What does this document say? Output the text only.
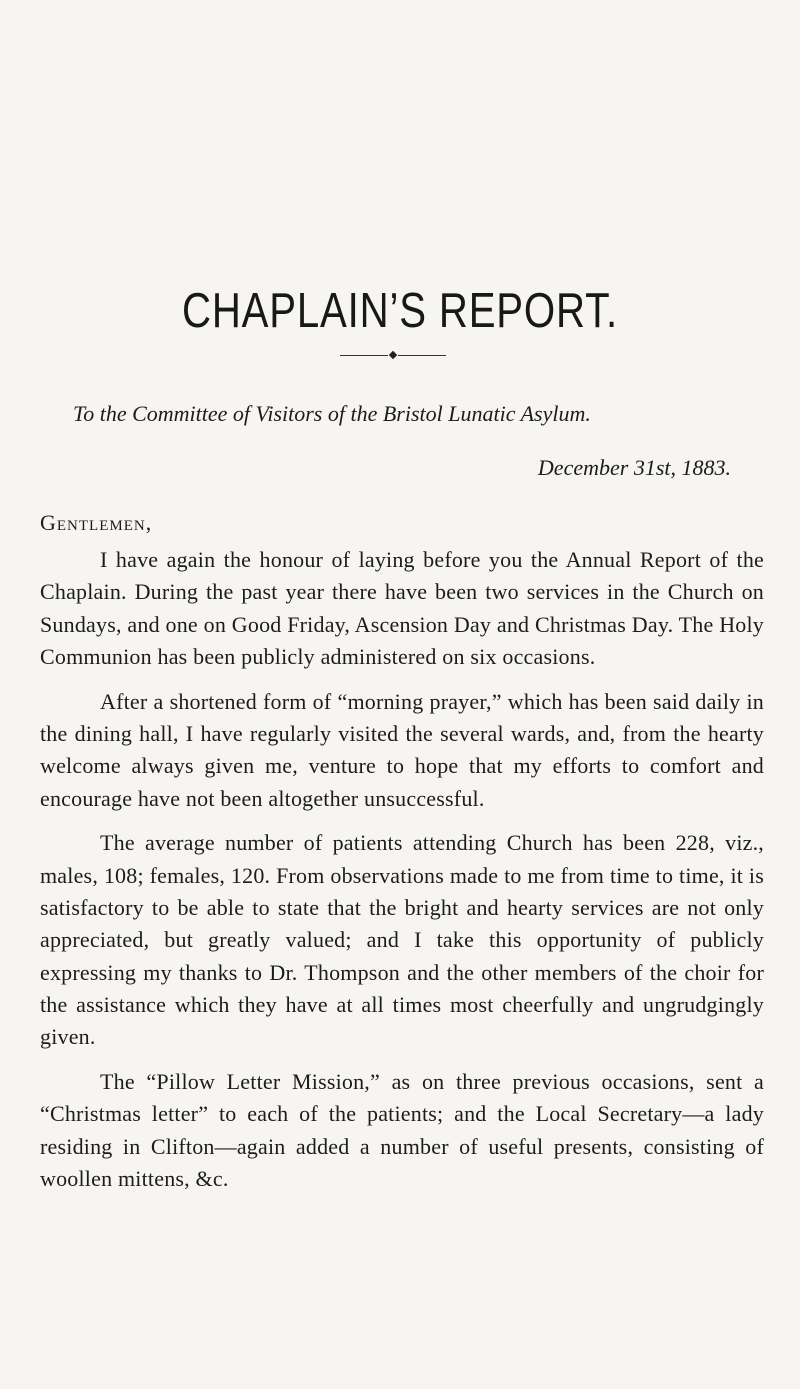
CHAPLAIN’S REPORT.
To the Committee of Visitors of the Bristol Lunatic Asylum.
December 31st, 1883.
Gentlemen,

I have again the honour of laying before you the Annual Report of the Chaplain. During the past year there have been two services in the Church on Sundays, and one on Good Friday, Ascension Day and Christmas Day. The Holy Communion has been publicly administered on six occasions.

After a shortened form of “morning prayer,” which has been said daily in the dining hall, I have regularly visited the several wards, and, from the hearty welcome always given me, venture to hope that my efforts to comfort and encourage have not been altogether unsuccessful.

The average number of patients attending Church has been 228, viz., males, 108; females, 120. From observations made to me from time to time, it is satisfactory to be able to state that the bright and hearty services are not only appreciated, but greatly valued; and I take this opportunity of publicly expressing my thanks to Dr. Thompson and the other members of the choir for the assistance which they have at all times most cheerfully and ungrudgingly given.

The “Pillow Letter Mission,” as on three previous occasions, sent a “Christmas letter” to each of the patients; and the Local Secretary—a lady residing in Clifton—again added a number of useful presents, consisting of woollen mittens, &c.
